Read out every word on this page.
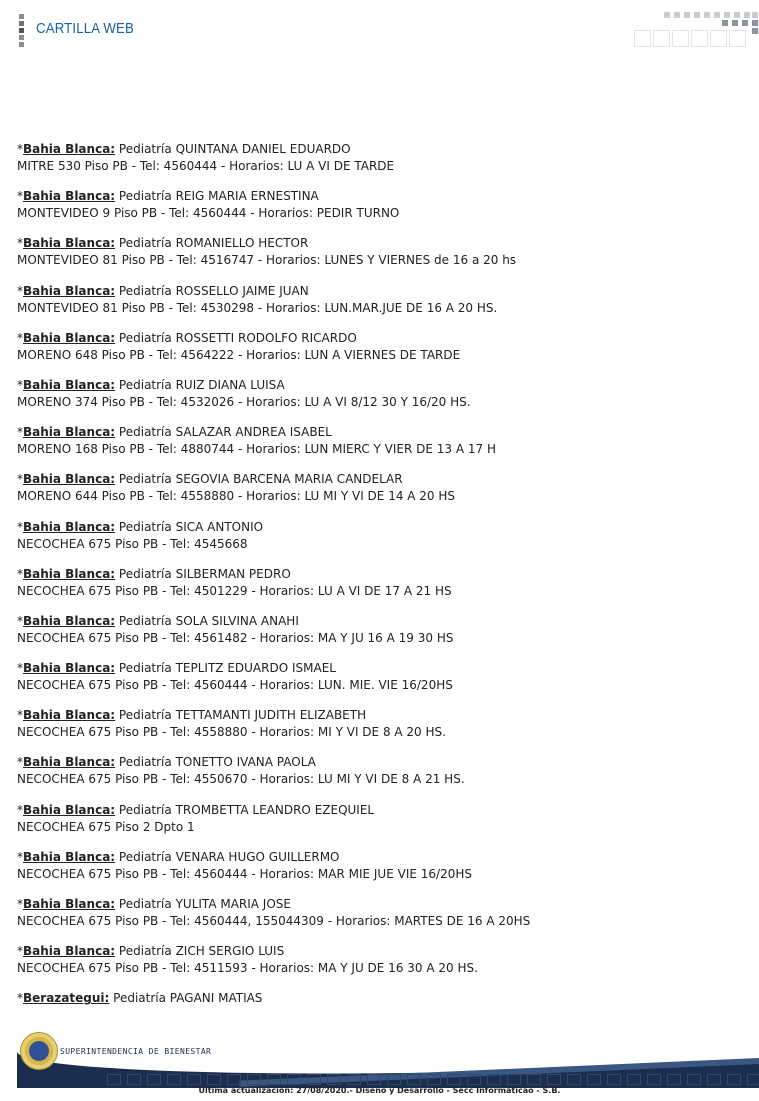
CARTILLA WEB

*Bahia Blanca: Pediatría QUINTANA DANIEL EDUARDO
MITRE 530 Piso PB - Tel: 4560444 - Horarios: LU A VI DE TARDE

*Bahia Blanca: Pediatría REIG MARIA ERNESTINA
MONTEVIDEO 9 Piso PB - Tel: 4560444 - Horarios: PEDIR TURNO

*Bahia Blanca: Pediatría ROMANIELLO HECTOR
MONTEVIDEO 81 Piso PB - Tel: 4516747 - Horarios: LUNES Y VIERNES de 16 a 20 hs

*Bahia Blanca: Pediatría ROSSELLO JAIME JUAN
MONTEVIDEO 81 Piso PB - Tel: 4530298 - Horarios: LUN.MAR.JUE DE 16 A 20 HS.

*Bahia Blanca: Pediatría ROSSETTI RODOLFO RICARDO
MORENO 648 Piso PB - Tel: 4564222 - Horarios: LUN A VIERNES DE TARDE

*Bahia Blanca: Pediatría RUIZ DIANA LUISA
MORENO 374 Piso PB - Tel: 4532026 - Horarios: LU A VI 8/12 30 Y 16/20 HS.

*Bahia Blanca: Pediatría SALAZAR ANDREA ISABEL
MORENO 168 Piso PB - Tel: 4880744 - Horarios: LUN MIERC Y VIER DE 13 A 17 H

*Bahia Blanca: Pediatría SEGOVIA BARCENA MARIA CANDELAR
MORENO 644 Piso PB - Tel: 4558880 - Horarios: LU MI Y VI DE 14 A 20 HS

*Bahia Blanca: Pediatría SICA ANTONIO
NECOCHEA 675 Piso PB - Tel: 4545668

*Bahia Blanca: Pediatría SILBERMAN PEDRO
NECOCHEA 675 Piso PB - Tel: 4501229 - Horarios: LU A VI DE 17 A 21 HS

*Bahia Blanca: Pediatría SOLA SILVINA ANAHI
NECOCHEA 675 Piso PB - Tel: 4561482 - Horarios: MA Y JU 16 A 19 30 HS

*Bahia Blanca: Pediatría TEPLITZ EDUARDO ISMAEL
NECOCHEA 675 Piso PB - Tel: 4560444 - Horarios: LUN. MIE. VIE 16/20HS

*Bahia Blanca: Pediatría TETTAMANTI JUDITH ELIZABETH
NECOCHEA 675 Piso PB - Tel: 4558880 - Horarios: MI Y VI DE 8 A 20 HS.

*Bahia Blanca: Pediatría TONETTO IVANA PAOLA
NECOCHEA 675 Piso PB - Tel: 4550670 - Horarios: LU MI Y VI DE 8 A 21 HS.

*Bahia Blanca: Pediatría TROMBETTA LEANDRO EZEQUIEL
NECOCHEA 675 Piso 2 Dpto 1

*Bahia Blanca: Pediatría VENARA HUGO GUILLERMO
NECOCHEA 675 Piso PB - Tel: 4560444 - Horarios: MAR MIE JUE VIE 16/20HS

*Bahia Blanca: Pediatría YULITA MARIA JOSE
NECOCHEA 675 Piso PB - Tel: 4560444, 155044309 - Horarios: MARTES DE 16 A 20HS

*Bahia Blanca: Pediatría ZICH SERGIO LUIS
NECOCHEA 675 Piso PB - Tel: 4511593 - Horarios: MA Y JU DE 16 30 A 20 HS.

*Berazategui: Pediatría PAGANI MATIAS

SUPERINTENDENCIA DE BIENESTAR
Última actualización: 27/08/2020.- Diseño y Desarrollo - Secc Informáticao - S.B.
